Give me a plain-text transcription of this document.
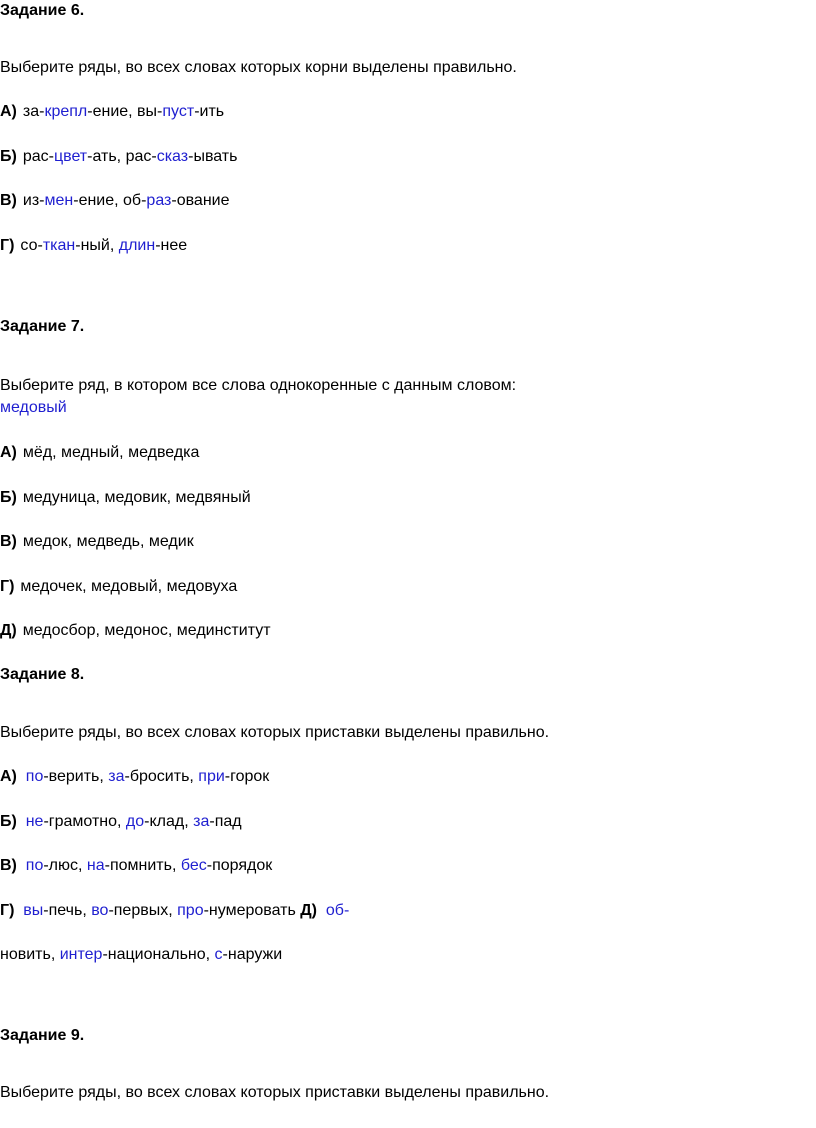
Задание 6.
Выберите ряды, во всех словах которых корни выделены правильно.
А) за-крепл-ение, вы-пуст-ить
Б) рас-цвет-ать, рас-сказ-ывать
В) из-мен-ение, об-раз-ование
Г) со-ткан-ный, длин-нее
Задание 7.
Выберите ряд, в котором все слова однокоренные с данным словом:
медовый
А) мёд, медный, медведка
Б) медуница, медовик, медвяный
В) медок, медведь, медик
Г) медочек, медовый, медовуха
Д) медосбор, медонос, мединститут
Задание 8.
Выберите ряды, во всех словах которых приставки выделены правильно.
А) по-верить, за-бросить, при-горок
Б) не-грамотно, до-клад, за-пад
В) по-люс, на-помнить, бес-порядок
Г) вы-печь, во-первых, про-нумеровать Д) об-
новить, интер-национально, с-наружи
Задание 9.
Выберите ряды, во всех словах которых приставки выделены правильно.
